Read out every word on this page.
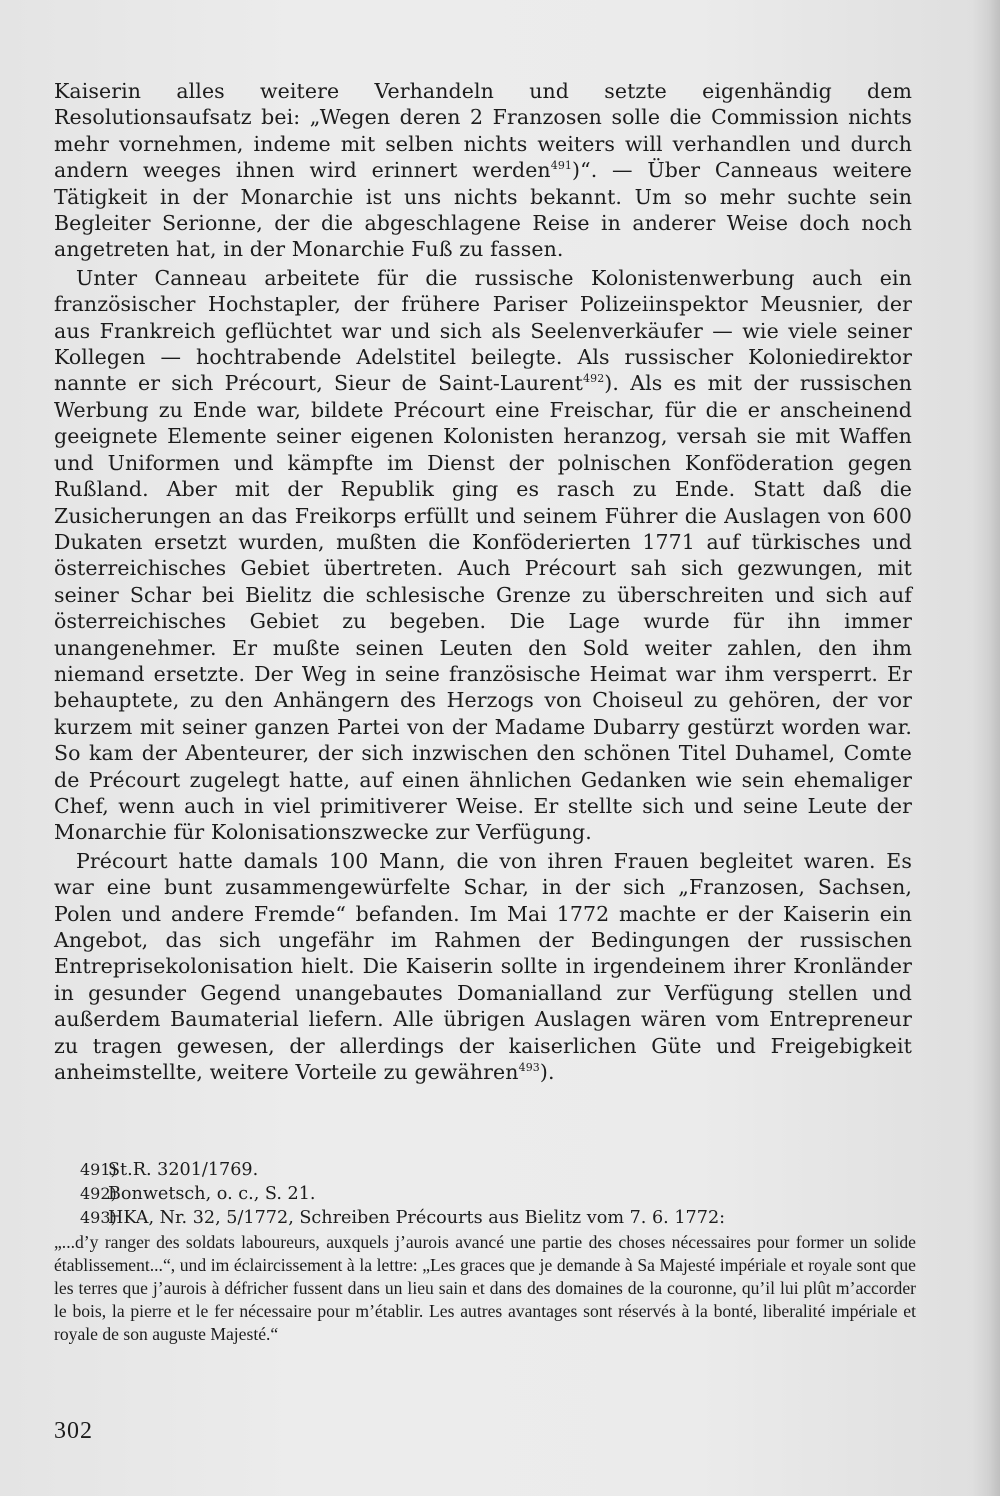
Kaiserin alles weitere Verhandeln und setzte eigenhändig dem Resolutionsaufsatz bei: „Wegen deren 2 Franzosen solle die Commission nichts mehr vornehmen, indeme mit selben nichts weiters will verhandlen und durch andern weeges ihnen wird erinnert werden$^{491}$)“. — Über Canneaus weitere Tätigkeit in der Monarchie ist uns nichts bekannt. Um so mehr suchte sein Begleiter Serionne, der die abgeschlagene Reise in anderer Weise doch noch angetreten hat, in der Monarchie Fuß zu fassen.

Unter Canneau arbeitete für die russische Kolonistenwerbung auch ein französischer Hochstapler, der frühere Pariser Polizeiinspektor Meusnier, der aus Frankreich geflüchtet war und sich als Seelenverkäufer — wie viele seiner Kollegen — hochtrabende Adelstitel beilegte. Als russischer Koloniedirektor nannte er sich Précourt, Sieur de Saint-Laurent$^{492}$). Als es mit der russischen Werbung zu Ende war, bildete Précourt eine Freischar, für die er anscheinend geeignete Elemente seiner eigenen Kolonisten heranzog, versah sie mit Waffen und Uniformen und kämpfte im Dienst der polnischen Konföderation gegen Rußland. Aber mit der Republik ging es rasch zu Ende. Statt daß die Zusicherungen an das Freikorps erfüllt und seinem Führer die Auslagen von 600 Dukaten ersetzt wurden, mußten die Konföderierten 1771 auf türkisches und österreichisches Gebiet übertreten. Auch Précourt sah sich gezwungen, mit seiner Schar bei Bielitz die schlesische Grenze zu überschreiten und sich auf österreichisches Gebiet zu begeben. Die Lage wurde für ihn immer unangenehmer. Er mußte seinen Leuten den Sold weiter zahlen, den ihm niemand ersetzte. Der Weg in seine französische Heimat war ihm versperrt. Er behauptete, zu den Anhängern des Herzogs von Choiseul zu gehören, der vor kurzem mit seiner ganzen Partei von der Madame Dubarry gestürzt worden war. So kam der Abenteurer, der sich inzwischen den schönen Titel Duhamel, Comte de Précourt zugelegt hatte, auf einen ähnlichen Gedanken wie sein ehemaliger Chef, wenn auch in viel primitiverer Weise. Er stellte sich und seine Leute der Monarchie für Kolonisationszwecke zur Verfügung.

Précourt hatte damals 100 Mann, die von ihren Frauen begleitet waren. Es war eine bunt zusammengewürfelte Schar, in der sich „Franzosen, Sachsen, Polen und andere Fremde“ befanden. Im Mai 1772 machte er der Kaiserin ein Angebot, das sich ungefähr im Rahmen der Bedingungen der russischen Entreprisekolonisation hielt. Die Kaiserin sollte in irgendeinem ihrer Kronländer in gesunder Gegend unangebautes Domanialland zur Verfügung stellen und außerdem Baumaterial liefern. Alle übrigen Auslagen wären vom Entrepreneur zu tragen gewesen, der allerdings der kaiserlichen Güte und Freigebigkeit anheimstellte, weitere Vorteile zu gewähren$^{493}$).

491)St.R. 3201/1769.

492)Bonwetsch, o. c., S. 21.

493)HKA, Nr. 32, 5/1772, Schreiben Précourts aus Bielitz vom 7. 6. 1772:

„...d’y ranger des soldats labourеurs, auxquels j’aurois avancé une partie des choses nécessaires pour former un solide établissement...“, und im éclaircissement à la lettre: „Les graces que je demande à Sa Majesté impériale et royale sont que les terres que j’aurois à défricher fussent dans un lieu sain et dans des domaines de la couronne, qu’il lui plût m’accorder le bois, la pierre et le fer nécessaire pour m’établir. Les autres avantages sont réservés à la bonté, liberalité impériale et royale de son auguste Majesté.“

302
